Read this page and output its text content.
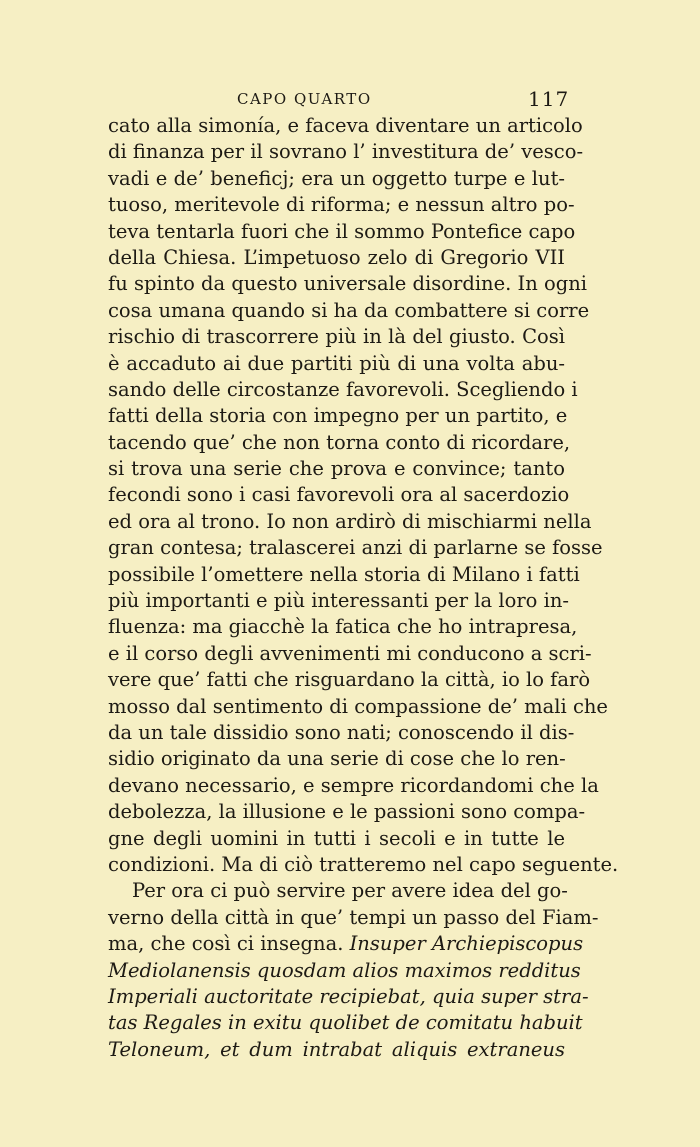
CAPO QUARTO	117
cato alla simonía, e faceva diventare un articolo
di finanza per il sovrano l’ investitura de’ vesco-
vadi e de’ beneficj; era un oggetto turpe e lut-
tuoso, meritevole di riforma; e nessun altro po-
teva tentarla fuori che il sommo Pontefice capo
della Chiesa. L’impetuoso zelo di Gregorio VII
fu spinto da questo universale disordine. In ogni
cosa umana quando si ha da combattere si corre
rischio di trascorrere più in là del giusto. Così
è accaduto ai due partiti più di una volta abu-
sando delle circostanze favorevoli. Scegliendo i
fatti della storia con impegno per un partito, e
tacendo que’ che non torna conto di ricordare,
si trova una serie che prova e convince; tanto
fecondi sono i casi favorevoli ora al sacerdozio
ed ora al trono. Io non ardirò di mischiarmi nella
gran contesa; tralascerei anzi di parlarne se fosse
possibile l’omettere nella storia di Milano i fatti
più importanti e più interessanti per la loro in-
fluenza: ma giacchè la fatica che ho intrapresa,
e il corso degli avvenimenti mi conducono a scri-
vere que’ fatti che risguardano la città, io lo farò
mosso dal sentimento di compassione de’ mali che
da un tale dissidio sono nati; conoscendo il dis-
sidio originato da una serie di cose che lo ren-
devano necessario, e sempre ricordandomi che la
debolezza, la illusione e le passioni sono compa-
gne degli uomini in tutti i secoli e in tutte le
condizioni. Ma di ciò tratteremo nel capo seguente.
Per ora ci può servire per avere idea del go-
verno della città in que’ tempi un passo del Fiam-
ma, che così ci insegna. Insuper Archiepiscopus
Mediolanensis quosdam alios maximos redditus
Imperiali auctoritate recipiebat, quia super stra-
tas Regales in exitu quolibet de comitatu habuit
Teloneum, et dum intrabat aliquis extraneus
